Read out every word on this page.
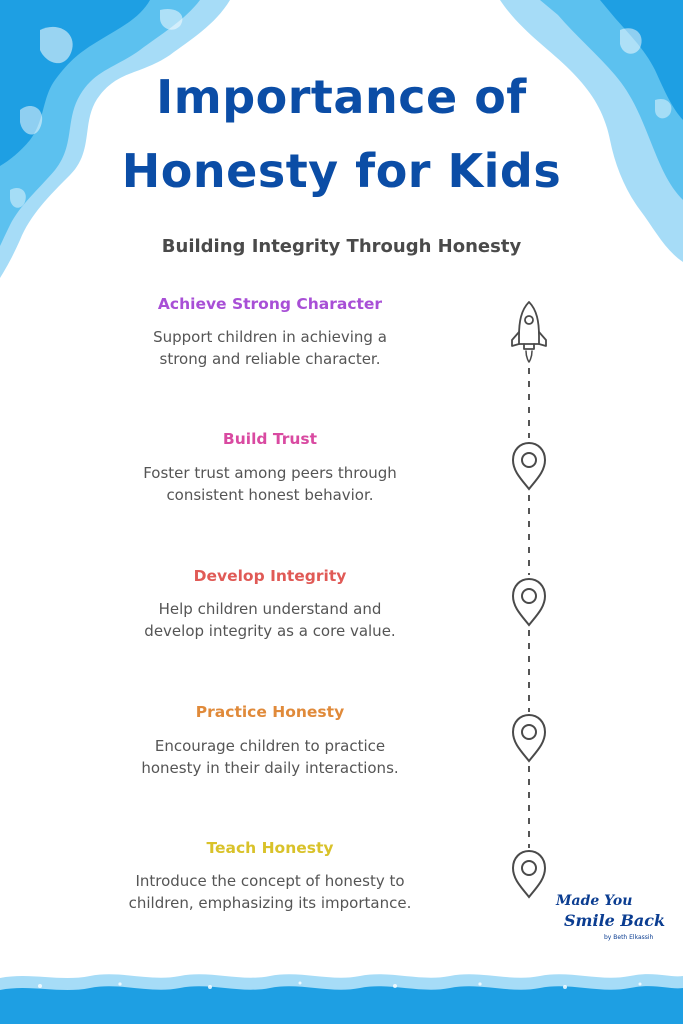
Importance of
Honesty for Kids
Building Integrity Through Honesty
Achieve Strong Character
Support children in achieving a
strong and reliable character.
Build Trust
Foster trust among peers through
consistent honest behavior.
Develop Integrity
Help children understand and
develop integrity as a core value.
Practice Honesty
Encourage children to practice
honesty in their daily interactions.
Teach Honesty
Introduce the concept of honesty to
children, emphasizing its importance.	Made You
Smile Back
by Beth Elkassih
